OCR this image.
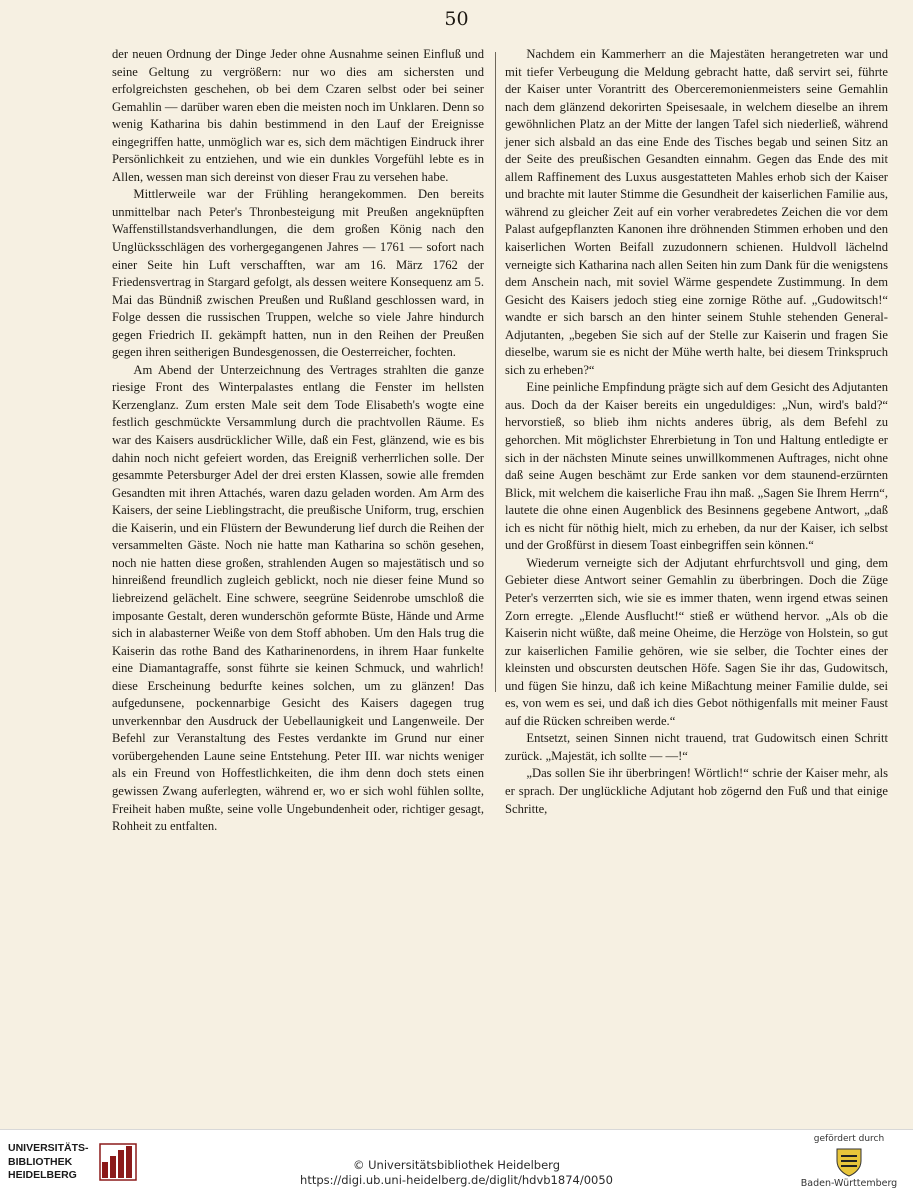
50

der neuen Ordnung der Dinge Jeder ohne Ausnahme seinen Einfluß und seine Geltung zu vergrößern: nur wo dies am sichersten und erfolgreichsten geschehen, ob bei dem Czaren selbst oder bei seiner Gemahlin — darüber waren eben die meisten noch im Unklaren. Denn so wenig Katharina bis dahin bestimmend in den Lauf der Ereignisse eingegriffen hatte, unmöglich war es, sich dem mächtigen Eindruck ihrer Persönlichkeit zu entziehen, und wie ein dunkles Vorgefühl lebte es in Allen, wessen man sich dereinst von dieser Frau zu versehen habe.

Mittlerweile war der Frühling herangekommen. Den bereits unmittelbar nach Peter's Thronbesteigung mit Preußen angeknüpften Waffenstillstandsverhandlungen, die dem großen König nach den Unglücksschlägen des vorhergegangenen Jahres — 1761 — sofort nach einer Seite hin Luft verschafften, war am 16. März 1762 der Friedensvertrag in Stargard gefolgt, als dessen weitere Konsequenz am 5. Mai das Bündniß zwischen Preußen und Rußland geschlossen ward, in Folge dessen die russischen Truppen, welche so viele Jahre hindurch gegen Friedrich II. gekämpft hatten, nun in den Reihen der Preußen gegen ihren seitherigen Bundesgenossen, die Oesterreicher, fochten.

Am Abend der Unterzeichnung des Vertrages strahlten die ganze riesige Front des Winterpalastes entlang die Fenster im hellsten Kerzenglanz. Zum ersten Male seit dem Tode Elisabeth's wogte eine festlich geschmückte Versammlung durch die prachtvollen Räume. Es war des Kaisers ausdrücklicher Wille, daß ein Fest, glänzend, wie es bis dahin noch nicht gefeiert worden, das Ereigniß verherrlichen solle. Der gesammte Petersburger Adel der drei ersten Klassen, sowie alle fremden Gesandten mit ihren Attachés, waren dazu geladen worden. Am Arm des Kaisers, der seine Lieblingstracht, die preußische Uniform, trug, erschien die Kaiserin, und ein Flüstern der Bewunderung lief durch die Reihen der versammelten Gäste. Noch nie hatte man Katharina so schön gesehen, noch nie hatten diese großen, strahlenden Augen so majestätisch und so hinreißend freundlich zugleich geblickt, noch nie dieser feine Mund so liebreizend gelächelt. Eine schwere, seegrüne Seidenrobe umschloß die imposante Gestalt, deren wunderschön geformte Büste, Hände und Arme sich in alabasterner Weiße von dem Stoff abhoben. Um den Hals trug die Kaiserin das rothe Band des Katharinenordens, in ihrem Haar funkelte eine Diamantagraffe, sonst führte sie keinen Schmuck, und wahrlich! diese Erscheinung bedurfte keines solchen, um zu glänzen! Das aufgedunsene, pockennarbige Gesicht des Kaisers dagegen trug unverkennbar den Ausdruck der Uebellaunigkeit und Langenweile. Der Befehl zur Veranstaltung des Festes verdankte im Grund nur einer vorübergehenden Laune seine Entstehung. Peter III. war nichts weniger als ein Freund von Hoffestlichkeiten, die ihm denn doch stets einen gewissen Zwang auferlegten, während er, wo er sich wohl fühlen sollte, Freiheit haben mußte, seine volle Ungebundenheit oder, richtiger gesagt, Rohheit zu entfalten.

Nachdem ein Kammerherr an die Majestäten herangetreten war und mit tiefer Verbeugung die Meldung gebracht hatte, daß servirt sei, führte der Kaiser unter Vorantritt des Oberceremonienmeisters seine Gemahlin nach dem glänzend dekorirten Speisesaale, in welchem dieselbe an ihrem gewöhnlichen Platz an der Mitte der langen Tafel sich niederließ, während jener sich alsbald an das eine Ende des Tisches begab und seinen Sitz an der Seite des preußischen Gesandten einnahm. Gegen das Ende des mit allem Raffinement des Luxus ausgestatteten Mahles erhob sich der Kaiser und brachte mit lauter Stimme die Gesundheit der kaiserlichen Familie aus, während zu gleicher Zeit auf ein vorher verabredetes Zeichen die vor dem Palast aufgepflanzten Kanonen ihre dröhnenden Stimmen erhoben und den kaiserlichen Worten Beifall zuzudonnern schienen. Huldvoll lächelnd verneigte sich Katharina nach allen Seiten hin zum Dank für die wenigstens dem Anschein nach, mit soviel Wärme gespendete Zustimmung. In dem Gesicht des Kaisers jedoch stieg eine zornige Röthe auf. „Gudowitsch!“ wandte er sich barsch an den hinter seinem Stuhle stehenden General-Adjutanten, „begeben Sie sich auf der Stelle zur Kaiserin und fragen Sie dieselbe, warum sie es nicht der Mühe werth halte, bei diesem Trinkspruch sich zu erheben?“

Eine peinliche Empfindung prägte sich auf dem Gesicht des Adjutanten aus. Doch da der Kaiser bereits ein ungeduldiges: „Nun, wird's bald?“ hervorstieß, so blieb ihm nichts anderes übrig, als dem Befehl zu gehorchen. Mit möglichster Ehrerbietung in Ton und Haltung entledigte er sich in der nächsten Minute seines unwillkommenen Auftrages, nicht ohne daß seine Augen beschämt zur Erde sanken vor dem staunend-erzürnten Blick, mit welchem die kaiserliche Frau ihn maß. „Sagen Sie Ihrem Herrn“, lautete die ohne einen Augenblick des Besinnens gegebene Antwort, „daß ich es nicht für nöthig hielt, mich zu erheben, da nur der Kaiser, ich selbst und der Großfürst in diesem Toast einbegriffen sein können.“

Wiederum verneigte sich der Adjutant ehrfurchtsvoll und ging, dem Gebieter diese Antwort seiner Gemahlin zu überbringen. Doch die Züge Peter's verzerrten sich, wie sie es immer thaten, wenn irgend etwas seinen Zorn erregte. „Elende Ausflucht!“ stieß er wüthend hervor. „Als ob die Kaiserin nicht wüßte, daß meine Oheime, die Herzöge von Holstein, so gut zur kaiserlichen Familie gehören, wie sie selber, die Tochter eines der kleinsten und obscursten deutschen Höfe. Sagen Sie ihr das, Gudowitsch, und fügen Sie hinzu, daß ich keine Mißachtung meiner Familie dulde, sei es, von wem es sei, und daß ich dies Gebot nöthigenfalls mit meiner Faust auf die Rücken schreiben werde.“

Entsetzt, seinen Sinnen nicht trauend, trat Gudowitsch einen Schritt zurück. „Majestät, ich sollte — —!“

„Das sollen Sie ihr überbringen! Wörtlich!“ schrie der Kaiser mehr, als er sprach. Der unglückliche Adjutant hob zögernd den Fuß und that einige Schritte,

UNIVERSITÄTS-
BIBLIOTHEK
HEIDELBERG
© Universitätsbibliothek Heidelberg
https://digi.ub.uni-heidelberg.de/diglit/hdvb1874/0050
gefördert durch
Baden-Württemberg
